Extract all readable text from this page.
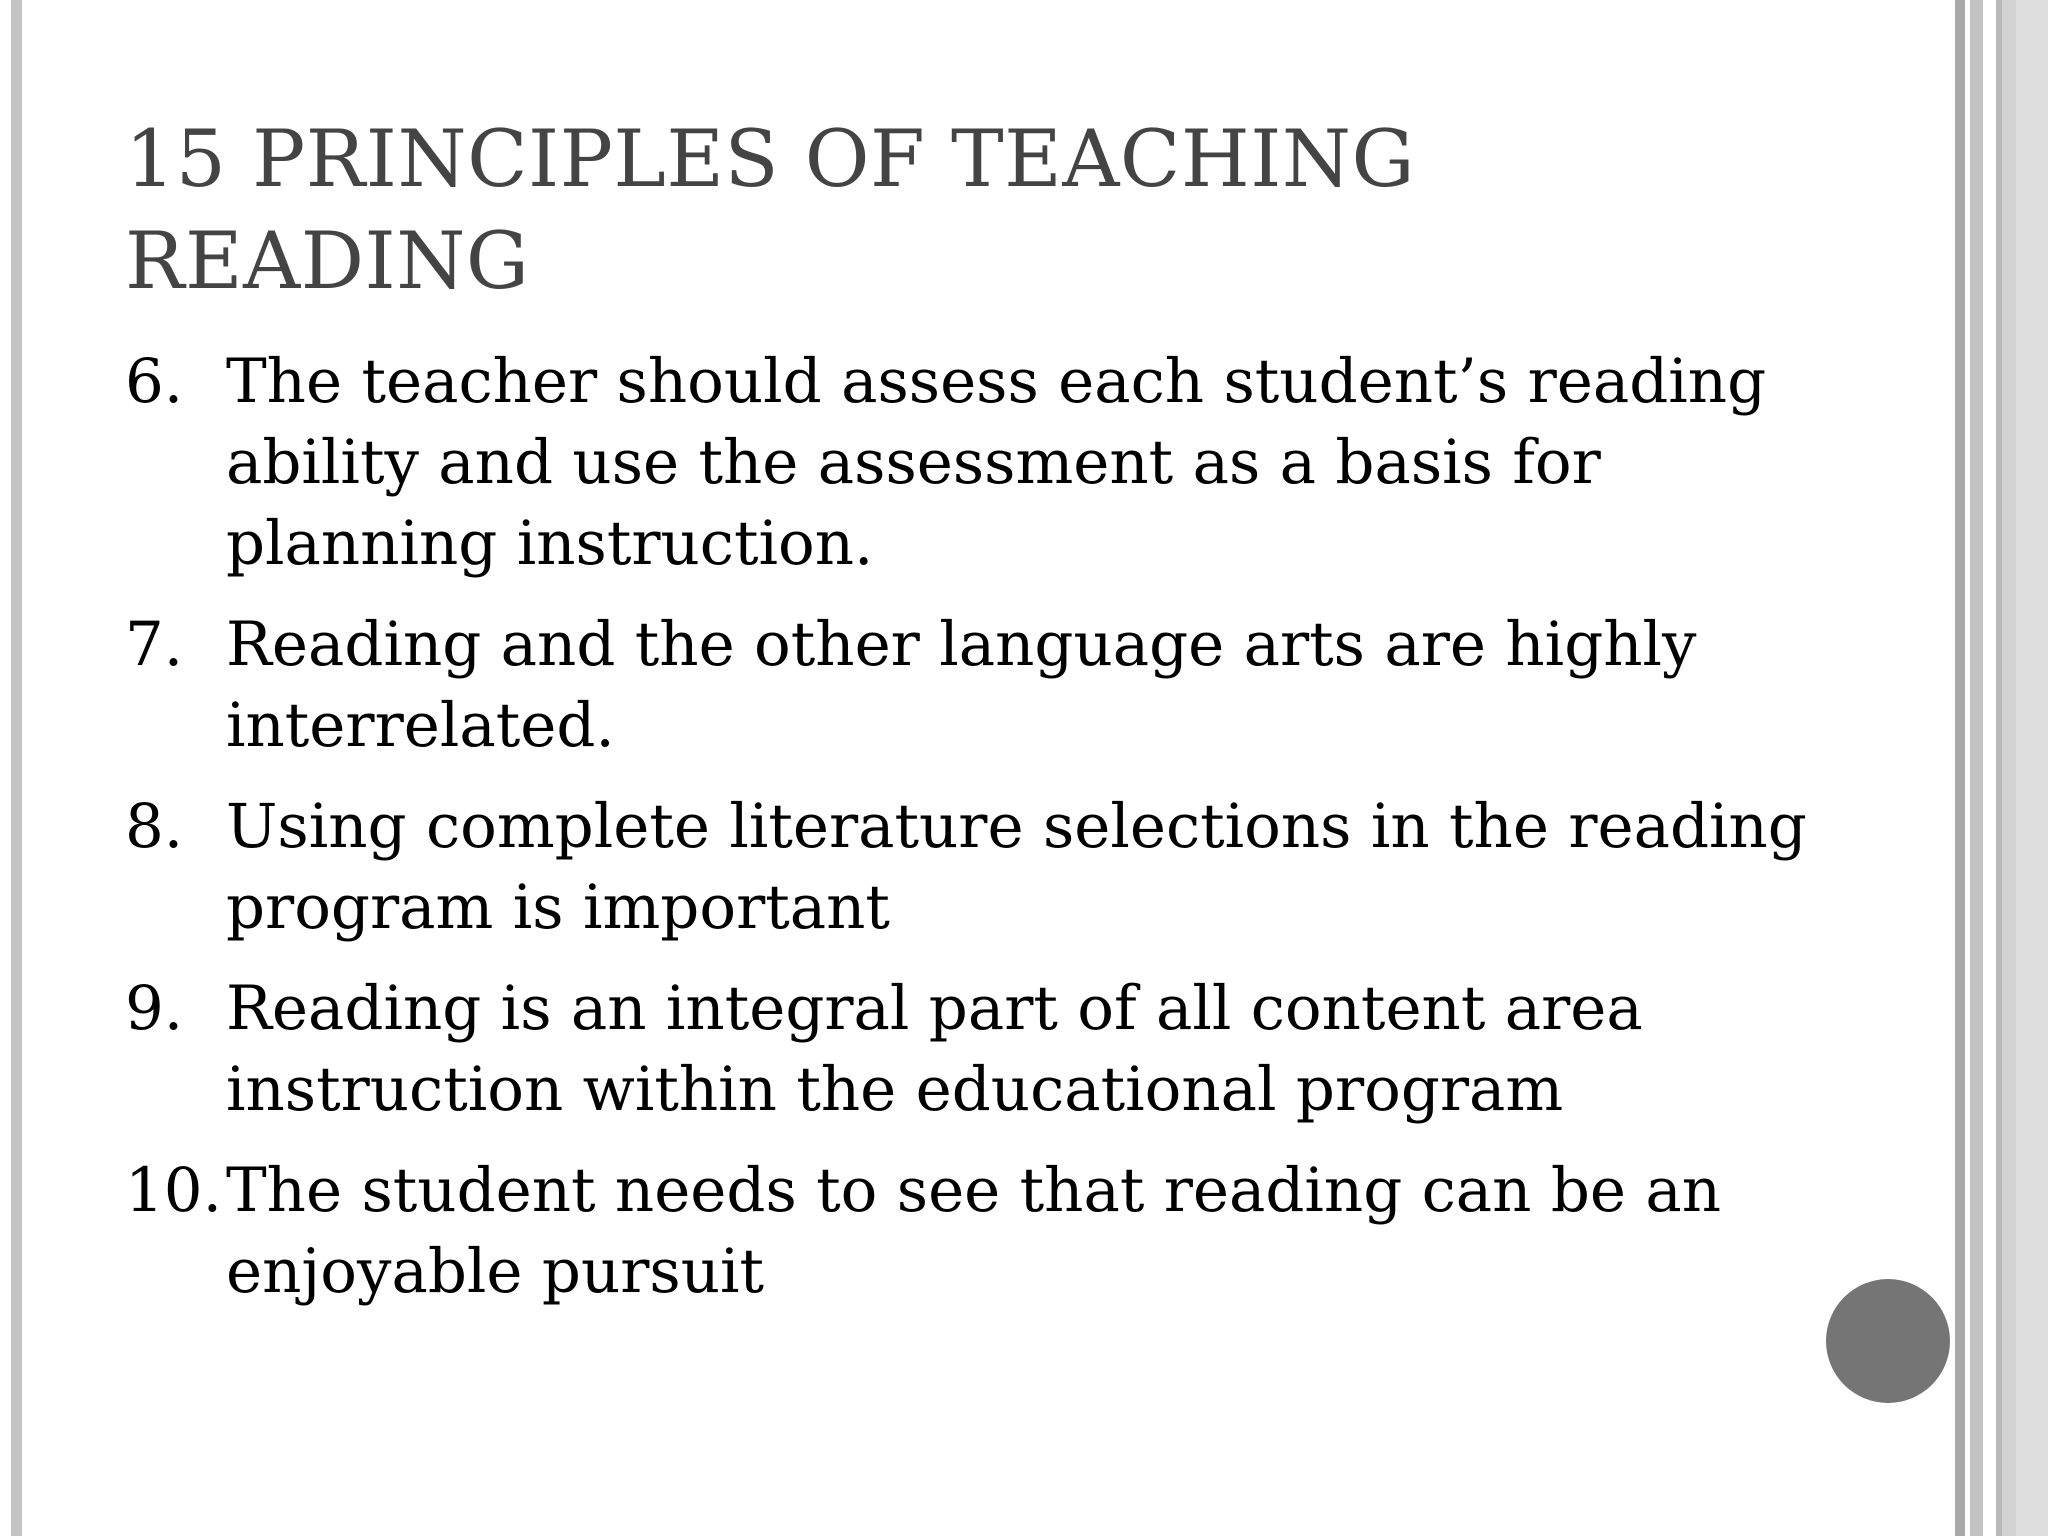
15 PRINCIPLES OF TEACHING READING
6. The teacher should assess each student’s reading ability and use the assessment as a basis for planning instruction.
7. Reading and the other language arts are highly interrelated.
8. Using complete literature selections in the reading program is important
9. Reading is an integral part of all content area instruction within the educational program
10. The student needs to see that reading can be an enjoyable pursuit
